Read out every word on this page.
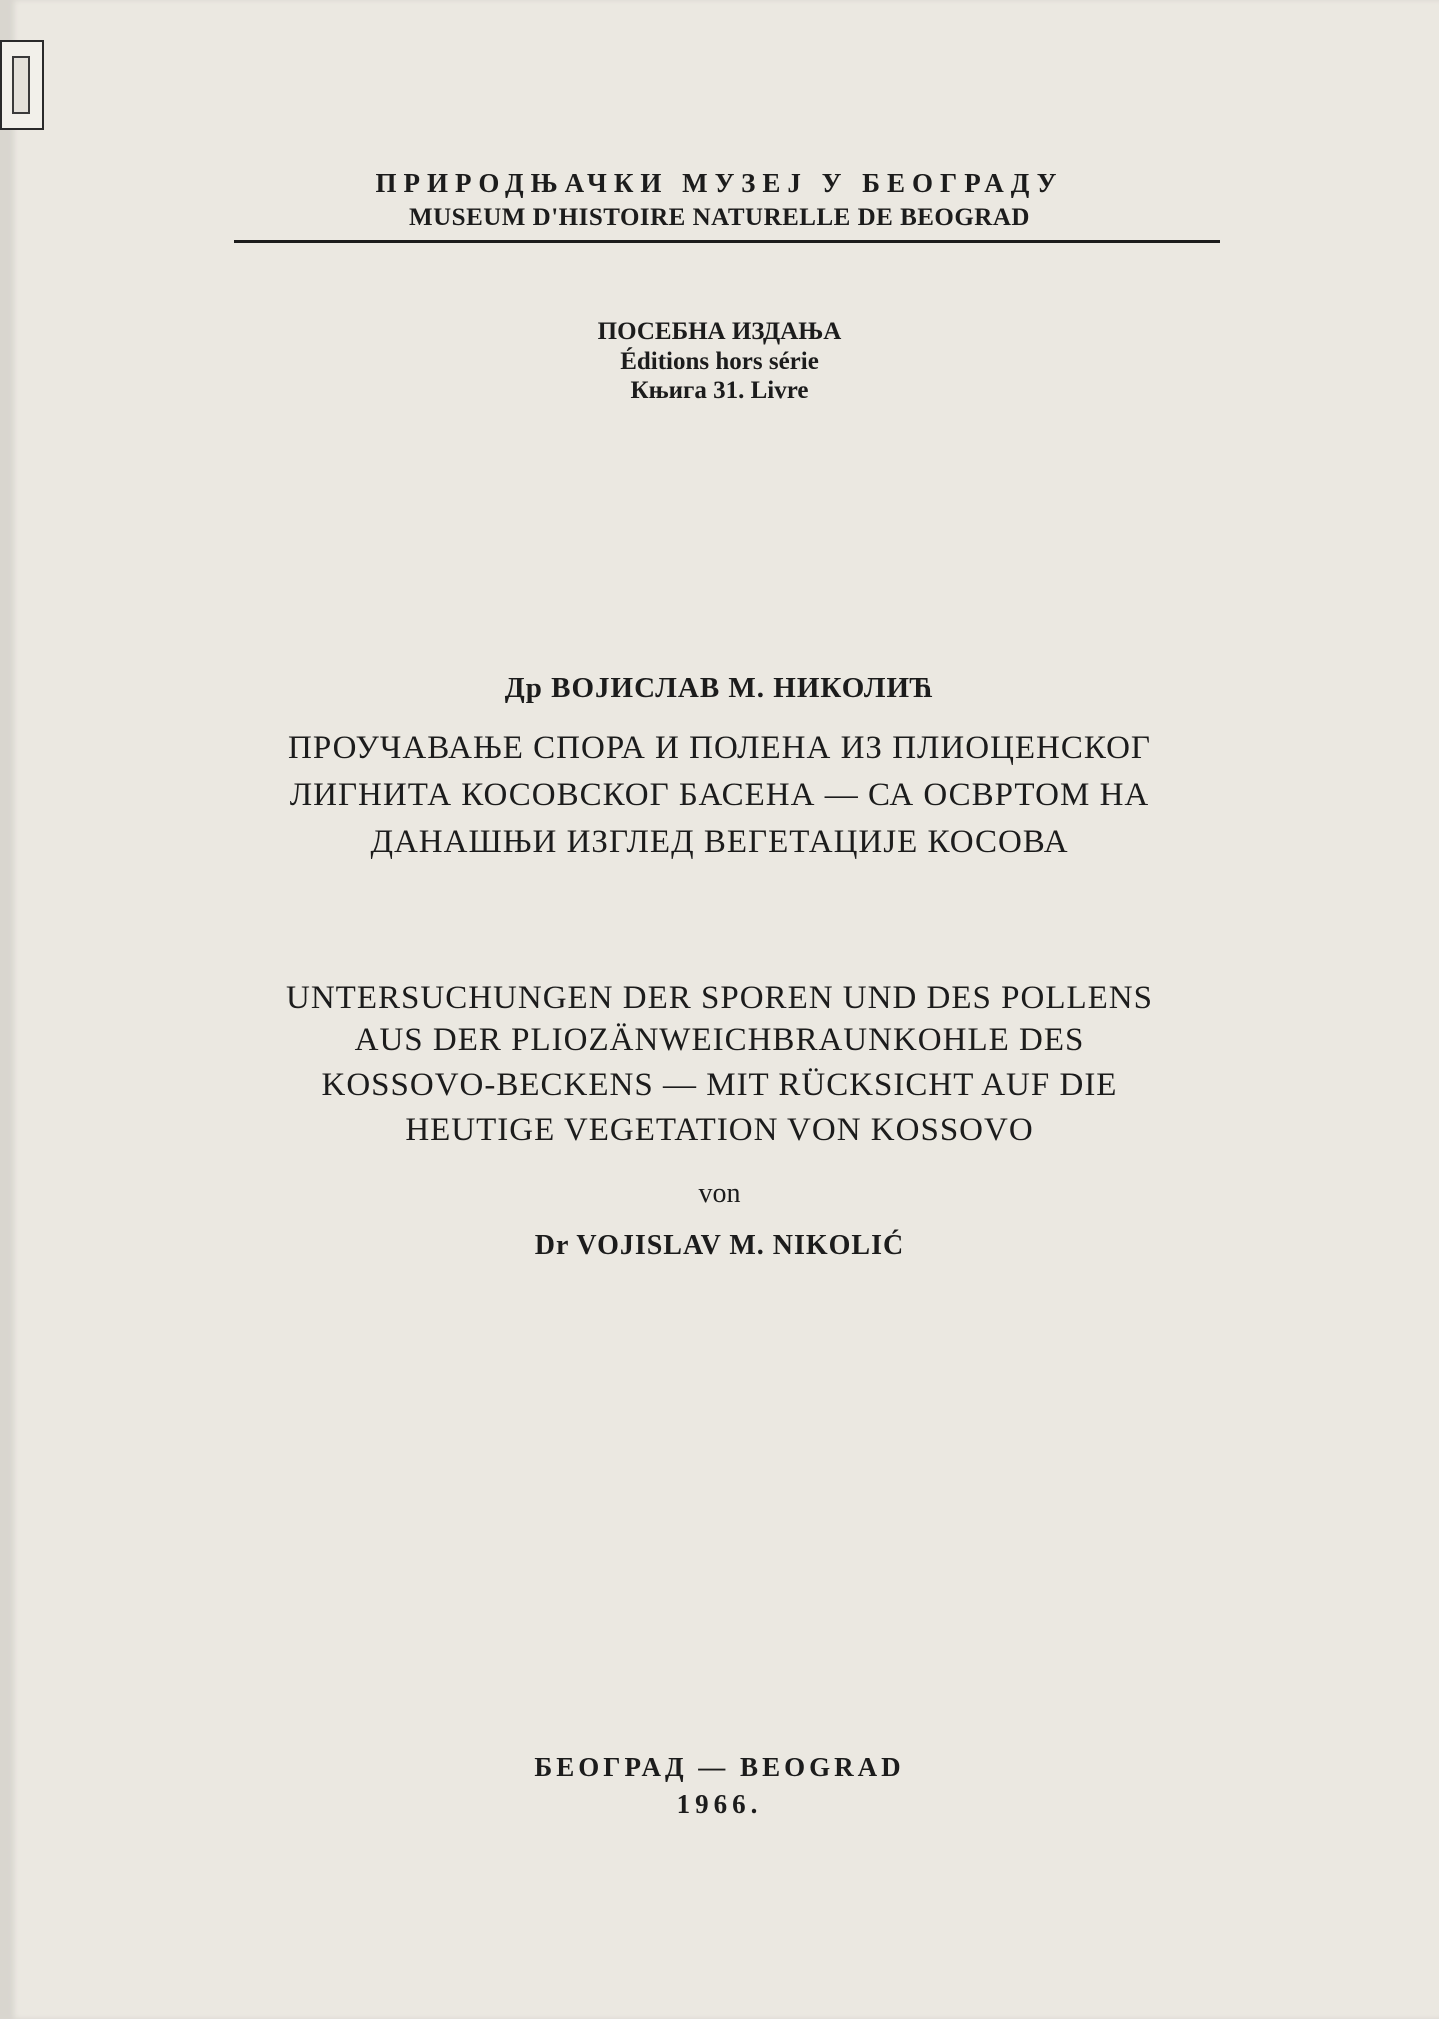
ПРИРОДЊАЧКИ МУЗЕЈ У БЕОГРАДУ
MUSEUM D'HISTOIRE NATURELLE DE BEOGRAD
ПОСЕБНА ИЗДАЊА
Éditions hors série
Књига 31. Livre
Др ВОЈИСЛАВ М. НИКОЛИЋ
ПРОУЧАВАЊЕ СПОРА И ПОЛЕНА ИЗ ПЛИОЦЕНСКОГ
ЛИГНИТА КОСОВСКОГ БАСЕНА — СА ОСВРТОМ НА
ДАНАШЊИ ИЗГЛЕД ВЕГЕТАЦИЈЕ КОСОВА
UNTERSUCHUNGEN DER SPOREN UND DES POLLENS
AUS DER PLIOZÄNWEICHBRAUNKOHLE DES
KOSSOVO-BECKENS — MIT RÜCKSICHT AUF DIE
HEUTIGE VEGETATION VON KOSSOVO
von
Dr VOJISLAV M. NIKOLIĆ
БЕОГРАД — BEOGRAD
1966.
